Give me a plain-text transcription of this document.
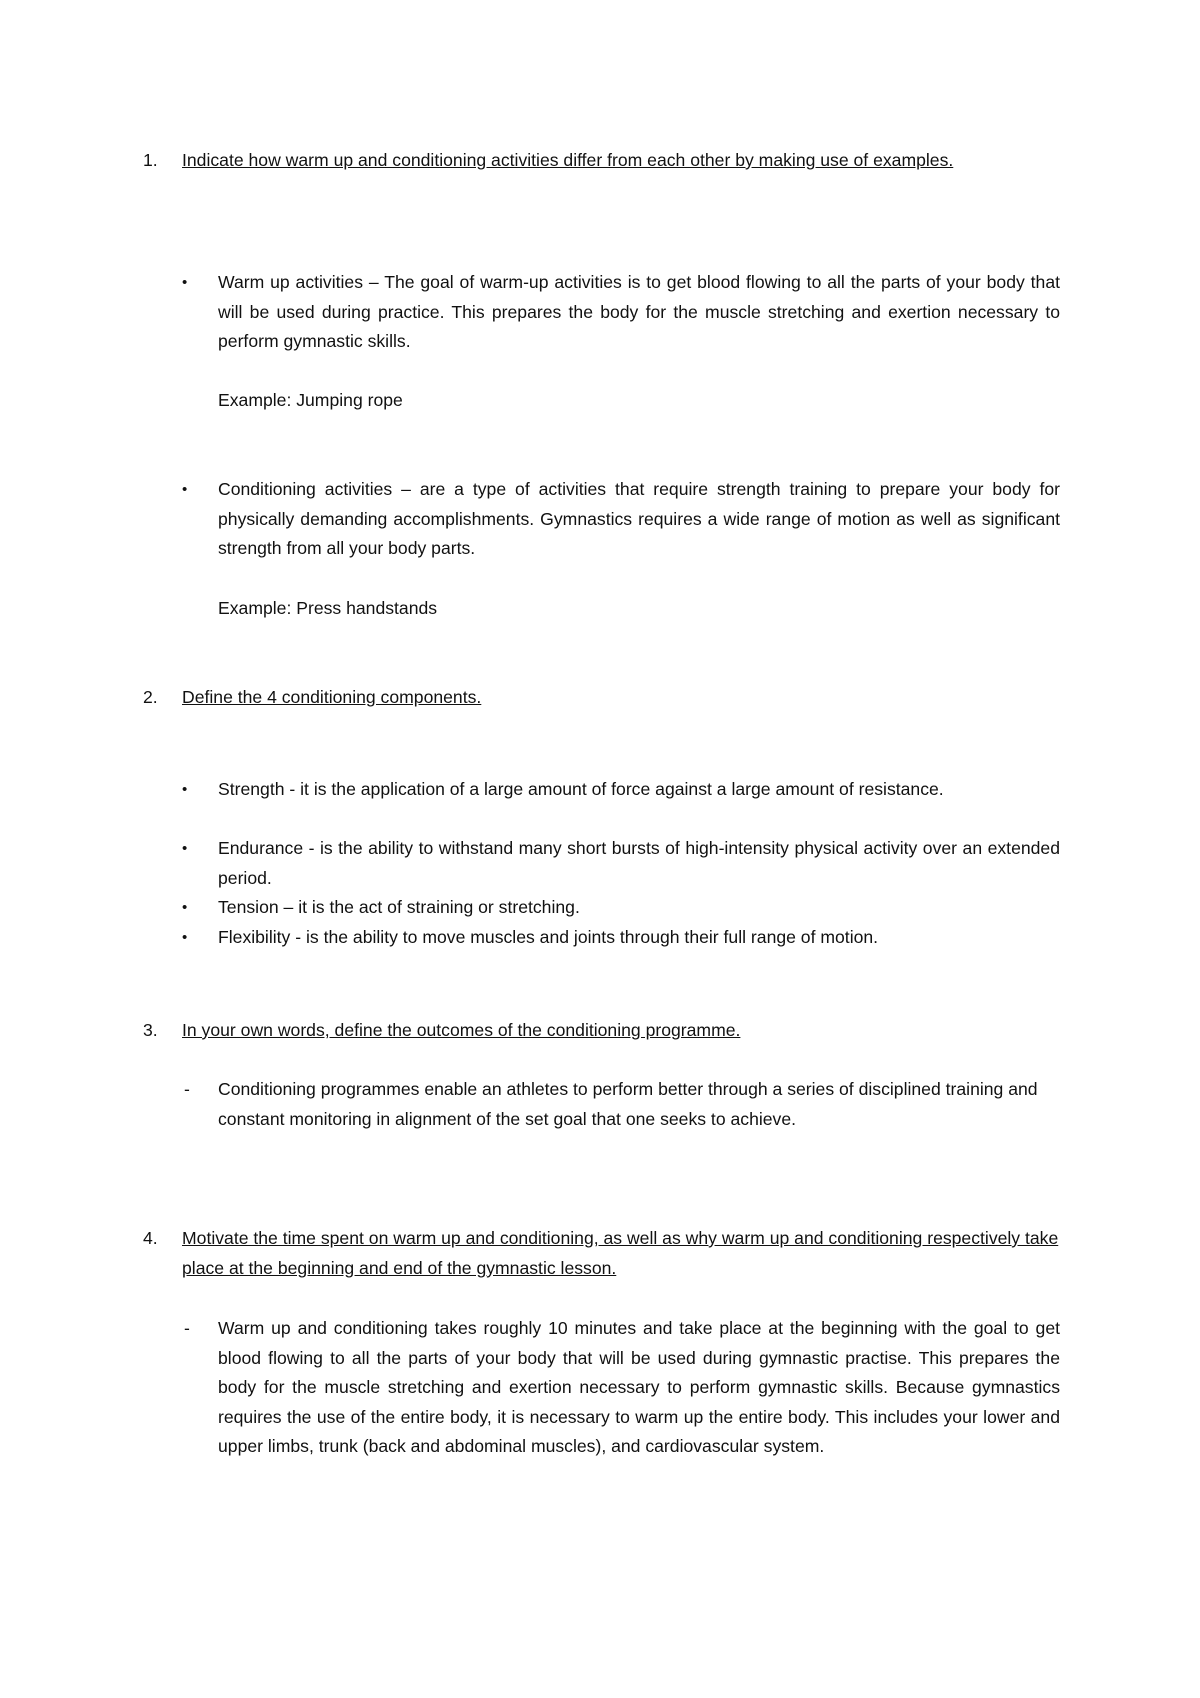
1.	Indicate how warm up and conditioning activities differ from each other by making use of examples.
•	Warm up activities – The goal of warm-up activities is to get blood flowing to all the parts of your body that will be used during practice. This prepares the body for the muscle stretching and exertion necessary to perform gymnastic skills.

Example: Jumping rope

•	Conditioning activities – are a type of activities that require strength training to prepare your body for physically demanding accomplishments. Gymnastics requires a wide range of motion as well as significant strength from all your body parts.

Example: Press handstands

2.	Define the 4 conditioning components.
•	Strength - it is the application of a large amount of force against a large amount of resistance.

•	Endurance - is the ability to withstand many short bursts of high-intensity physical activity over an extended period.

•	Tension – it is the act of straining or stretching.

•	Flexibility - is the ability to move muscles and joints through their full range of motion.

3.	In your own words, define the outcomes of the conditioning programme.
-	Conditioning programmes enable an athletes to perform better through a series of disciplined training and constant monitoring in alignment of the set goal that one seeks to achieve.

4.	Motivate the time spent on warm up and conditioning, as well as why warm up and conditioning respectively take place at the beginning and end of the gymnastic lesson.
-	Warm up and conditioning takes roughly 10 minutes and take place at the beginning with the goal to get blood flowing to all the parts of your body that will be used during gymnastic practise. This prepares the body for the muscle stretching and exertion necessary to perform gymnastic skills. Because gymnastics requires the use of the entire body, it is necessary to warm up the entire body. This includes your lower and upper limbs, trunk (back and abdominal muscles), and cardiovascular system.
